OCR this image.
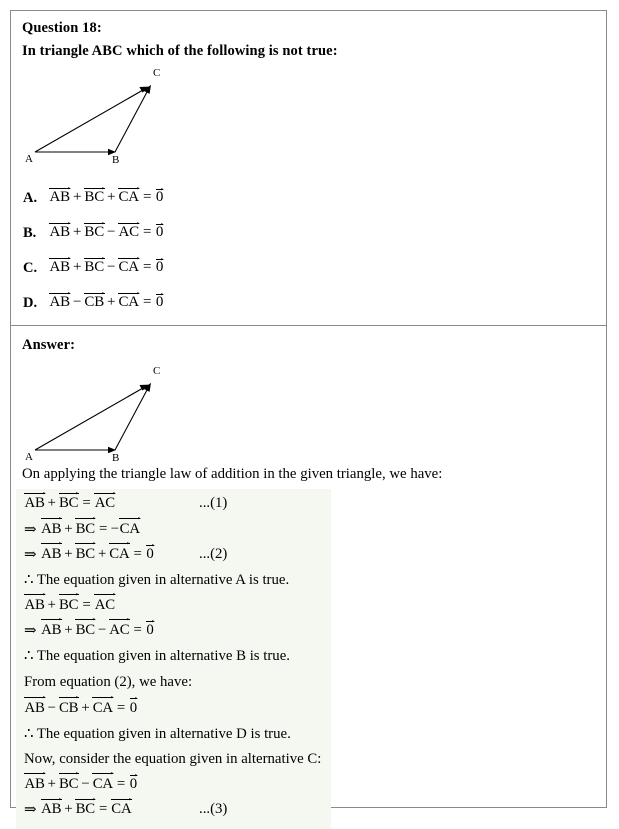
Question 18:
In triangle ABC which of the following is not true:
A	B
C
A. AB + BC + CA = 0
B. AB + BC − AC = 0
C. AB + BC − CA = 0
D. AB − CB + CA = 0
Answer:
A	B
C
On applying the triangle law of addition in the given triangle, we have:
AB + BC = AC	...(1)
⇒ AB + BC = − CA
⇒ AB + BC + CA = 0	...(2)
∴ The equation given in alternative A is true.
AB + BC = AC
⇒ AB + BC − AC = 0
∴ The equation given in alternative B is true.
From equation (2), we have:
AB − CB + CA = 0
∴ The equation given in alternative D is true.
Now, consider the equation given in alternative C:
AB + BC − CA = 0
⇒ AB + BC = CA	...(3)
